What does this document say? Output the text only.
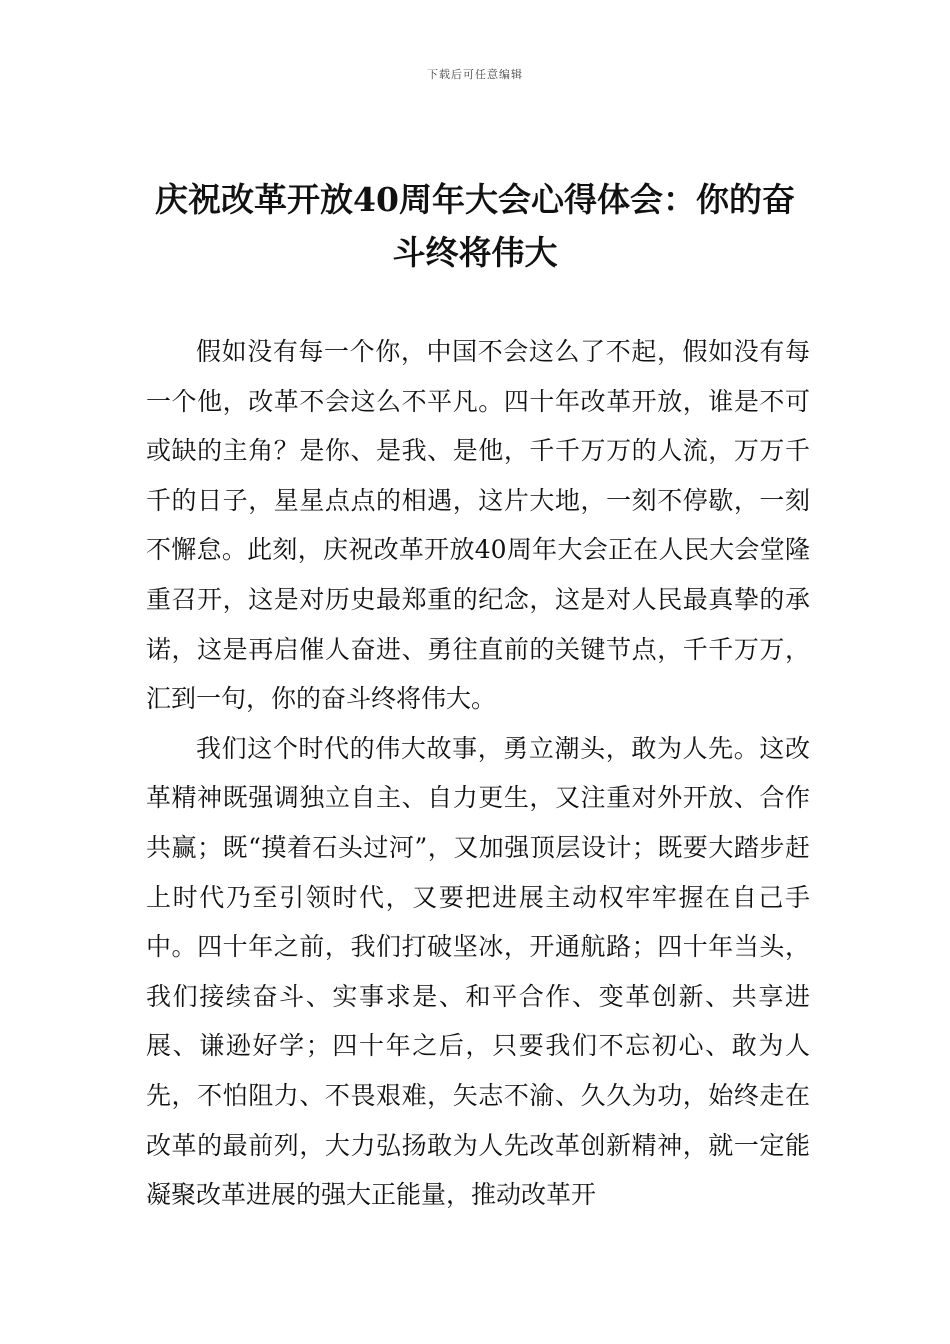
下载后可任意编辑
庆祝改革开放40周年大会心得体会：你的奋斗终将伟大

假如没有每一个你，中国不会这么了不起，假如没有每一个他，改革不会这么不平凡。四十年改革开放，谁是不可或缺的主角？是你、是我、是他，千千万万的人流，万万千千的日子，星星点点的相遇，这片大地，一刻不停歇，一刻不懈怠。此刻，庆祝改革开放40周年大会正在人民大会堂隆重召开，这是对历史最郑重的纪念，这是对人民最真挚的承诺，这是再启催人奋进、勇往直前的关键节点，千千万万，汇到一句，你的奋斗终将伟大。

我们这个时代的伟大故事，勇立潮头，敢为人先。这改革精神既强调独立自主、自力更生，又注重对外开放、合作共赢；既“摸着石头过河”，又加强顶层设计；既要大踏步赶上时代乃至引领时代，又要把进展主动权牢牢握在自己手中。四十年之前，我们打破坚冰，开通航路；四十年当头，我们接续奋斗、实事求是、和平合作、变革创新、共享进展、谦逊好学；四十年之后，只要我们不忘初心、敢为人先，不怕阻力、不畏艰难，矢志不渝、久久为功，始终走在改革的最前列，大力弘扬敢为人先改革创新精神，就一定能凝聚改革进展的强大正能量，推动改革开
